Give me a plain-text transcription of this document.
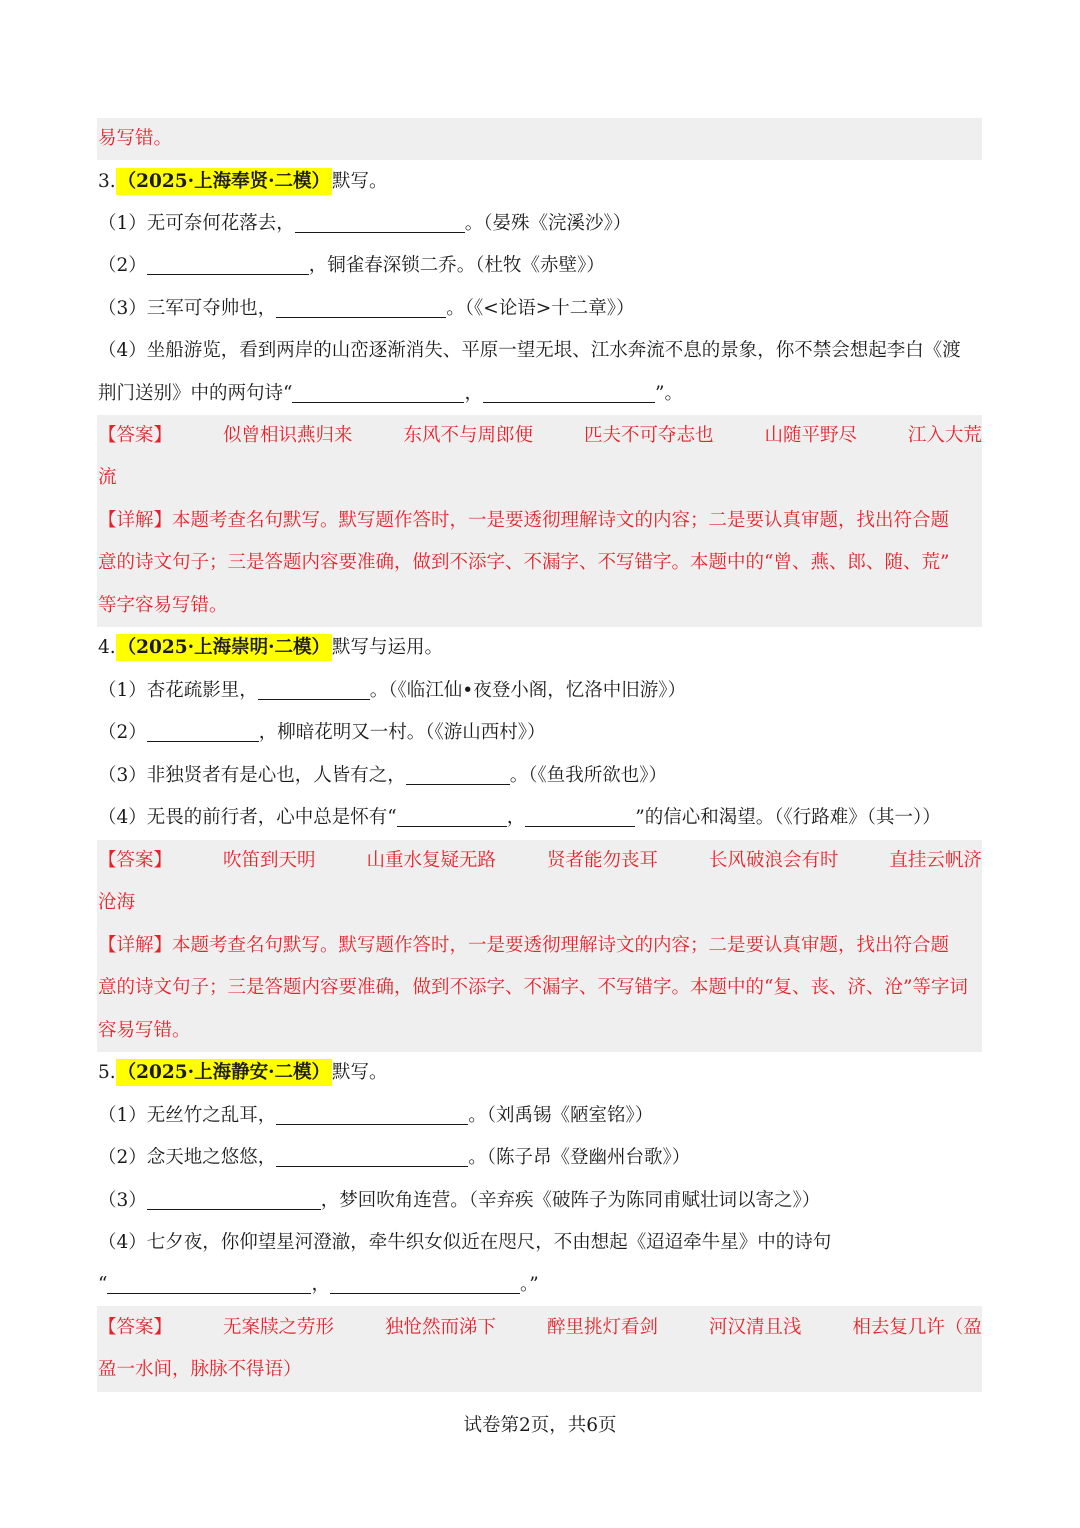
易写错。
3. （2025·上海奉贤·二模） 默写。
（1）无可奈何花落去，	。（晏殊《浣溪沙》）
（2）	，铜雀春深锁二乔。（杜牧《赤壁》）
（3）三军可夺帅也，	。（《<论语>十二章》）
（4）坐船游览，看到两岸的山峦逐渐消失、平原一望无垠、江水奔流不息的景象，你不禁会想起李白《渡
荆门送别》中的两句诗“	，	”。
【答案】	似曾相识燕归来	东风不与周郎便	匹夫不可夺志也	山随平野尽	江入大荒
流
【详解】本题考查名句默写。默写题作答时，一是要透彻理解诗文的内容；二是要认真审题，找出符合题
意的诗文句子；三是答题内容要准确，做到不添字、不漏字、不写错字。本题中的“曾、燕、郎、随、荒”
等字容易写错。
4. （2025·上海崇明·二模） 默写与运用。
（1）杏花疏影里，	。（《临江仙•夜登小阁，忆洛中旧游》）
（2）	，柳暗花明又一村。（《游山西村》）
（3）非独贤者有是心也，人皆有之，	。（《鱼我所欲也》）
（4）无畏的前行者，心中总是怀有“	，	”的信心和渴望。（《行路难》（其一））
【答案】	吹笛到天明	山重水复疑无路	贤者能勿丧耳	长风破浪会有时	直挂云帆济
沧海
【详解】本题考查名句默写。默写题作答时，一是要透彻理解诗文的内容；二是要认真审题，找出符合题
意的诗文句子；三是答题内容要准确，做到不添字、不漏字、不写错字。本题中的“复、丧、济、沧”等字词
容易写错。
5. （2025·上海静安·二模） 默写。
（1）无丝竹之乱耳，	。（刘禹锡《陋室铭》）
（2）念天地之悠悠，	。（陈子昂《登幽州台歌》）
（3）	，梦回吹角连营。（辛弃疾《破阵子为陈同甫赋壮词以寄之》）
（4）七夕夜，你仰望星河澄澈，牵牛织女似近在咫尺，不由想起《迢迢牵牛星》中的诗句
“	，	。”
【答案】	无案牍之劳形	独怆然而涕下	醉里挑灯看剑	河汉清且浅	相去复几许（盈
盈一水间，脉脉不得语）
试卷第2页，共6页
